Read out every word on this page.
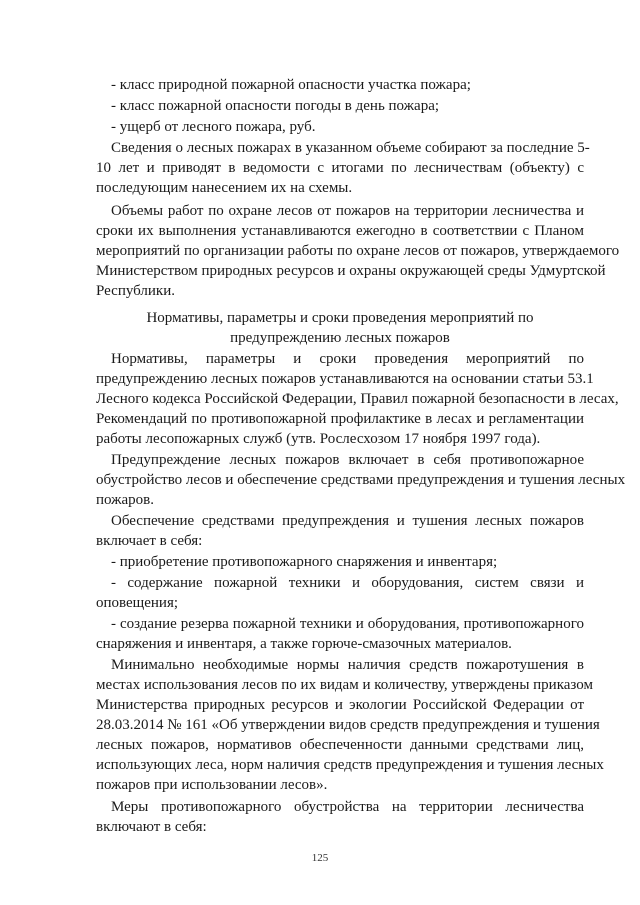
- класс природной пожарной опасности участка пожара;
- класс пожарной опасности погоды в день пожара;
- ущерб от лесного пожара, руб.
Сведения о лесных пожарах в указанном объеме собирают за последние 5-
10 лет и приводят в ведомости с итогами по лесничествам (объекту) с
последующим нанесением их на схемы.
Объемы работ по охране лесов от пожаров на территории лесничества и
сроки их выполнения устанавливаются ежегодно в соответствии с Планом
мероприятий по организации работы по охране лесов от пожаров, утверждаемого
Министерством природных ресурсов и охраны окружающей среды Удмуртской
Республики.
Нормативы, параметры и сроки проведения мероприятий по
предупреждению лесных пожаров
Нормативы, параметры и сроки проведения мероприятий по
предупреждению лесных пожаров устанавливаются на основании статьи 53.1
Лесного кодекса Российской Федерации, Правил пожарной безопасности в лесах,
Рекомендаций по противопожарной профилактике в лесах и регламентации
работы лесопожарных служб (утв. Рослесхозом 17 ноября 1997 года).
Предупреждение лесных пожаров включает в себя противопожарное
обустройство лесов и обеспечение средствами предупреждения и тушения лесных
пожаров.
Обеспечение средствами предупреждения и тушения лесных пожаров
включает в себя:
- приобретение противопожарного снаряжения и инвентаря;
- содержание пожарной техники и оборудования, систем связи и
оповещения;
- создание резерва пожарной техники и оборудования, противопожарного
снаряжения и инвентаря, а также горюче-смазочных материалов.
Минимально необходимые нормы наличия средств пожаротушения в
местах использования лесов по их видам и количеству, утверждены приказом
Министерства природных ресурсов и экологии Российской Федерации от
28.03.2014 № 161 «Об утверждении видов средств предупреждения и тушения
лесных пожаров, нормативов обеспеченности данными средствами лиц,
использующих леса, норм наличия средств предупреждения и тушения лесных
пожаров при использовании лесов».
Меры противопожарного обустройства на территории лесничества
включают в себя:
125
